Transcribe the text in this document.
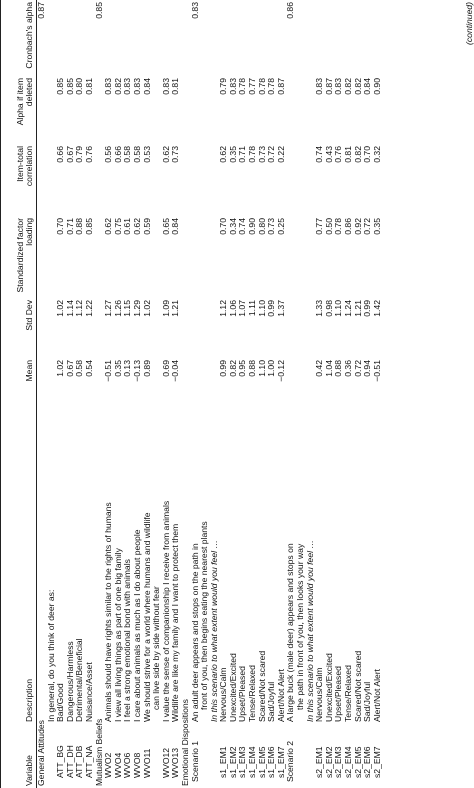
Variable	Description	Mean	Std Dev	Standardized factor loading	Item-total correlation	Alpha if item deleted	Cronbach's alpha
General Attitudes							0.87
	In general, do you think of deer as:						
ATT_BG	Bad/Good	1.02	1.02	0.70	0.66	0.85	
ATT_DH	Dangerous/Harmless	0.67	1.14	0.71	0.67	0.85	
ATT_DB	Detrimental/Beneficial	0.58	1.12	0.88	0.79	0.80	
ATT_NA	Nuisance/Asset	0.54	1.22	0.85	0.76	0.81	
Mutualism Beliefs							0.85
WVO2	Animals should have rights similar to the rights of humans	−0.51	1.27	0.62	0.56	0.83	
WVO4	I view all living things as part of one big family	0.35	1.26	0.75	0.66	0.82	
WVO6	I feel a strong emotional bond with animals	0.13	1.15	0.61	0.58	0.83	
WVO8	I care about animals as much as I do about people	−0.13	1.29	0.62	0.58	0.83	
WVO11	We should strive for a world where humans and wildlife
can live side by side without fear	0.89	1.02	0.59	0.53	0.84	
WVO12	I value the sense of companionship I receive from animals	0.69	1.09	0.65	0.62	0.83	
WVO13	Wildlife are like my family and I want to protect them	−0.04	1.21	0.84	0.73	0.81	
Emotional Dispositions							
Scenario 1	An adult deer appears and stops on the path in
front of you, then begins eating the nearest plants
In this scenario to what extent would you feel …						0.83
s1_EM1	Nervous/Calm	0.99	1.12	0.70	0.62	0.79	
s1_EM2	Unexcited/Excited	0.82	1.06	0.34	0.35	0.83	
s1_EM3	Upset/Pleased	0.95	1.07	0.74	0.71	0.78	
s1_EM4	Tense/Relaxed	0.88	1.11	0.90	0.78	0.77	
s1_EM5	Scared/Not scared	1.10	1.10	0.80	0.73	0.78	
s1_EM6	Sad/Joyful	1.00	0.99	0.73	0.72	0.78	
s1_EM7	Alert/Not Alert	−0.12	1.37	0.25	0.22	0.87	
Scenario 2	A large buck (male deer) appears and stops on
the path in front of you, then looks your way
In this scenario to what extent would you feel …						0.86
s2_EM1	Nervous/Calm	0.42	1.33	0.77	0.74	0.83	
s2_EM2	Unexcited/Excited	1.04	0.98	0.50	0.43	0.87	
s2_EM3	Upset/Pleased	0.88	1.10	0.78	0.76	0.83	
s2_EM4	Tense/Relaxed	0.36	1.24	0.86	0.81	0.82	
s2_EM5	Scared/Not scared	0.72	1.21	0.92	0.82	0.82	
s2_EM6	Sad/Joyful	0.94	0.99	0.72	0.70	0.84	
s2_EM7	Alert/Not Alert	−0.51	1.42	0.35	0.32	0.90	
(continued)
